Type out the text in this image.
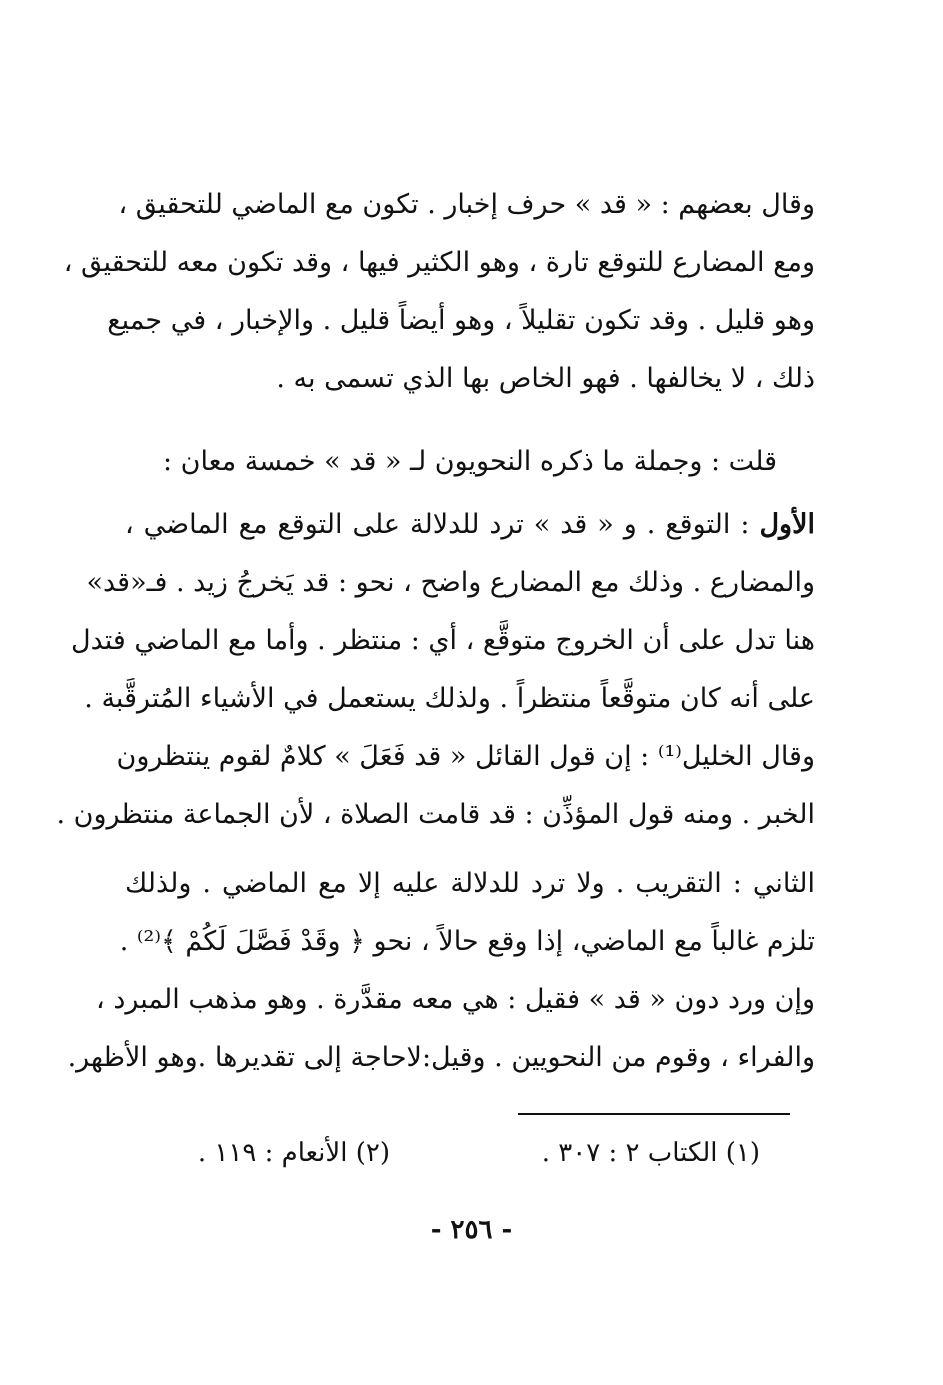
وقال بعضهم : « قد » حرف إخبار . تكون مع الماضي للتحقيق ،
ومع المضارع للتوقع تارة ، وهو الكثير فيها ، وقد تكون معه للتحقيق ،
وهو قليل . وقد تكون تقليلاً ، وهو أيضاً قليل . والإخبار ، في جميع
ذلك ، لا يخالفها . فهو الخاص بها الذي تسمى به .
قلت : وجملة ما ذكره النحويون لـ « قد » خمسة معان :
الأول : التوقع . و « قد » ترد للدلالة على التوقع مع الماضي ،
والمضارع . وذلك مع المضارع واضح ، نحو : قد يَخرجُ زيد . فـ«قد»
هنا تدل على أن الخروج متوقَّع ، أي : منتظر . وأما مع الماضي فتدل
على أنه كان متوقَّعاً منتظراً . ولذلك يستعمل في الأشياء المُترقَّبة .
وقال الخليل⁽¹⁾ : إن قول القائل « قد فَعَلَ » كلامٌ لقوم ينتظرون
الخبر . ومنه قول المؤذِّن : قد قامت الصلاة ، لأن الجماعة منتظرون .
الثاني : التقريب . ولا ترد للدلالة عليه إلا مع الماضي . ولذلك
تلزم غالباً مع الماضي، إذا وقع حالاً ، نحو ﴿ وقَدْ فَصَّلَ لَكُمْ ﴾⁽²⁾ .
وإن ورد دون « قد » فقيل : هي معه مقدَّرة . وهو مذهب المبرد ،
والفراء ، وقوم من النحويين . وقيل:لاحاجة إلى تقديرها .وهو الأظهر.
(١) الكتاب ٢ : ٣٠٧ .
(٢) الأنعام : ١١٩ .
- ٢٥٦ -
